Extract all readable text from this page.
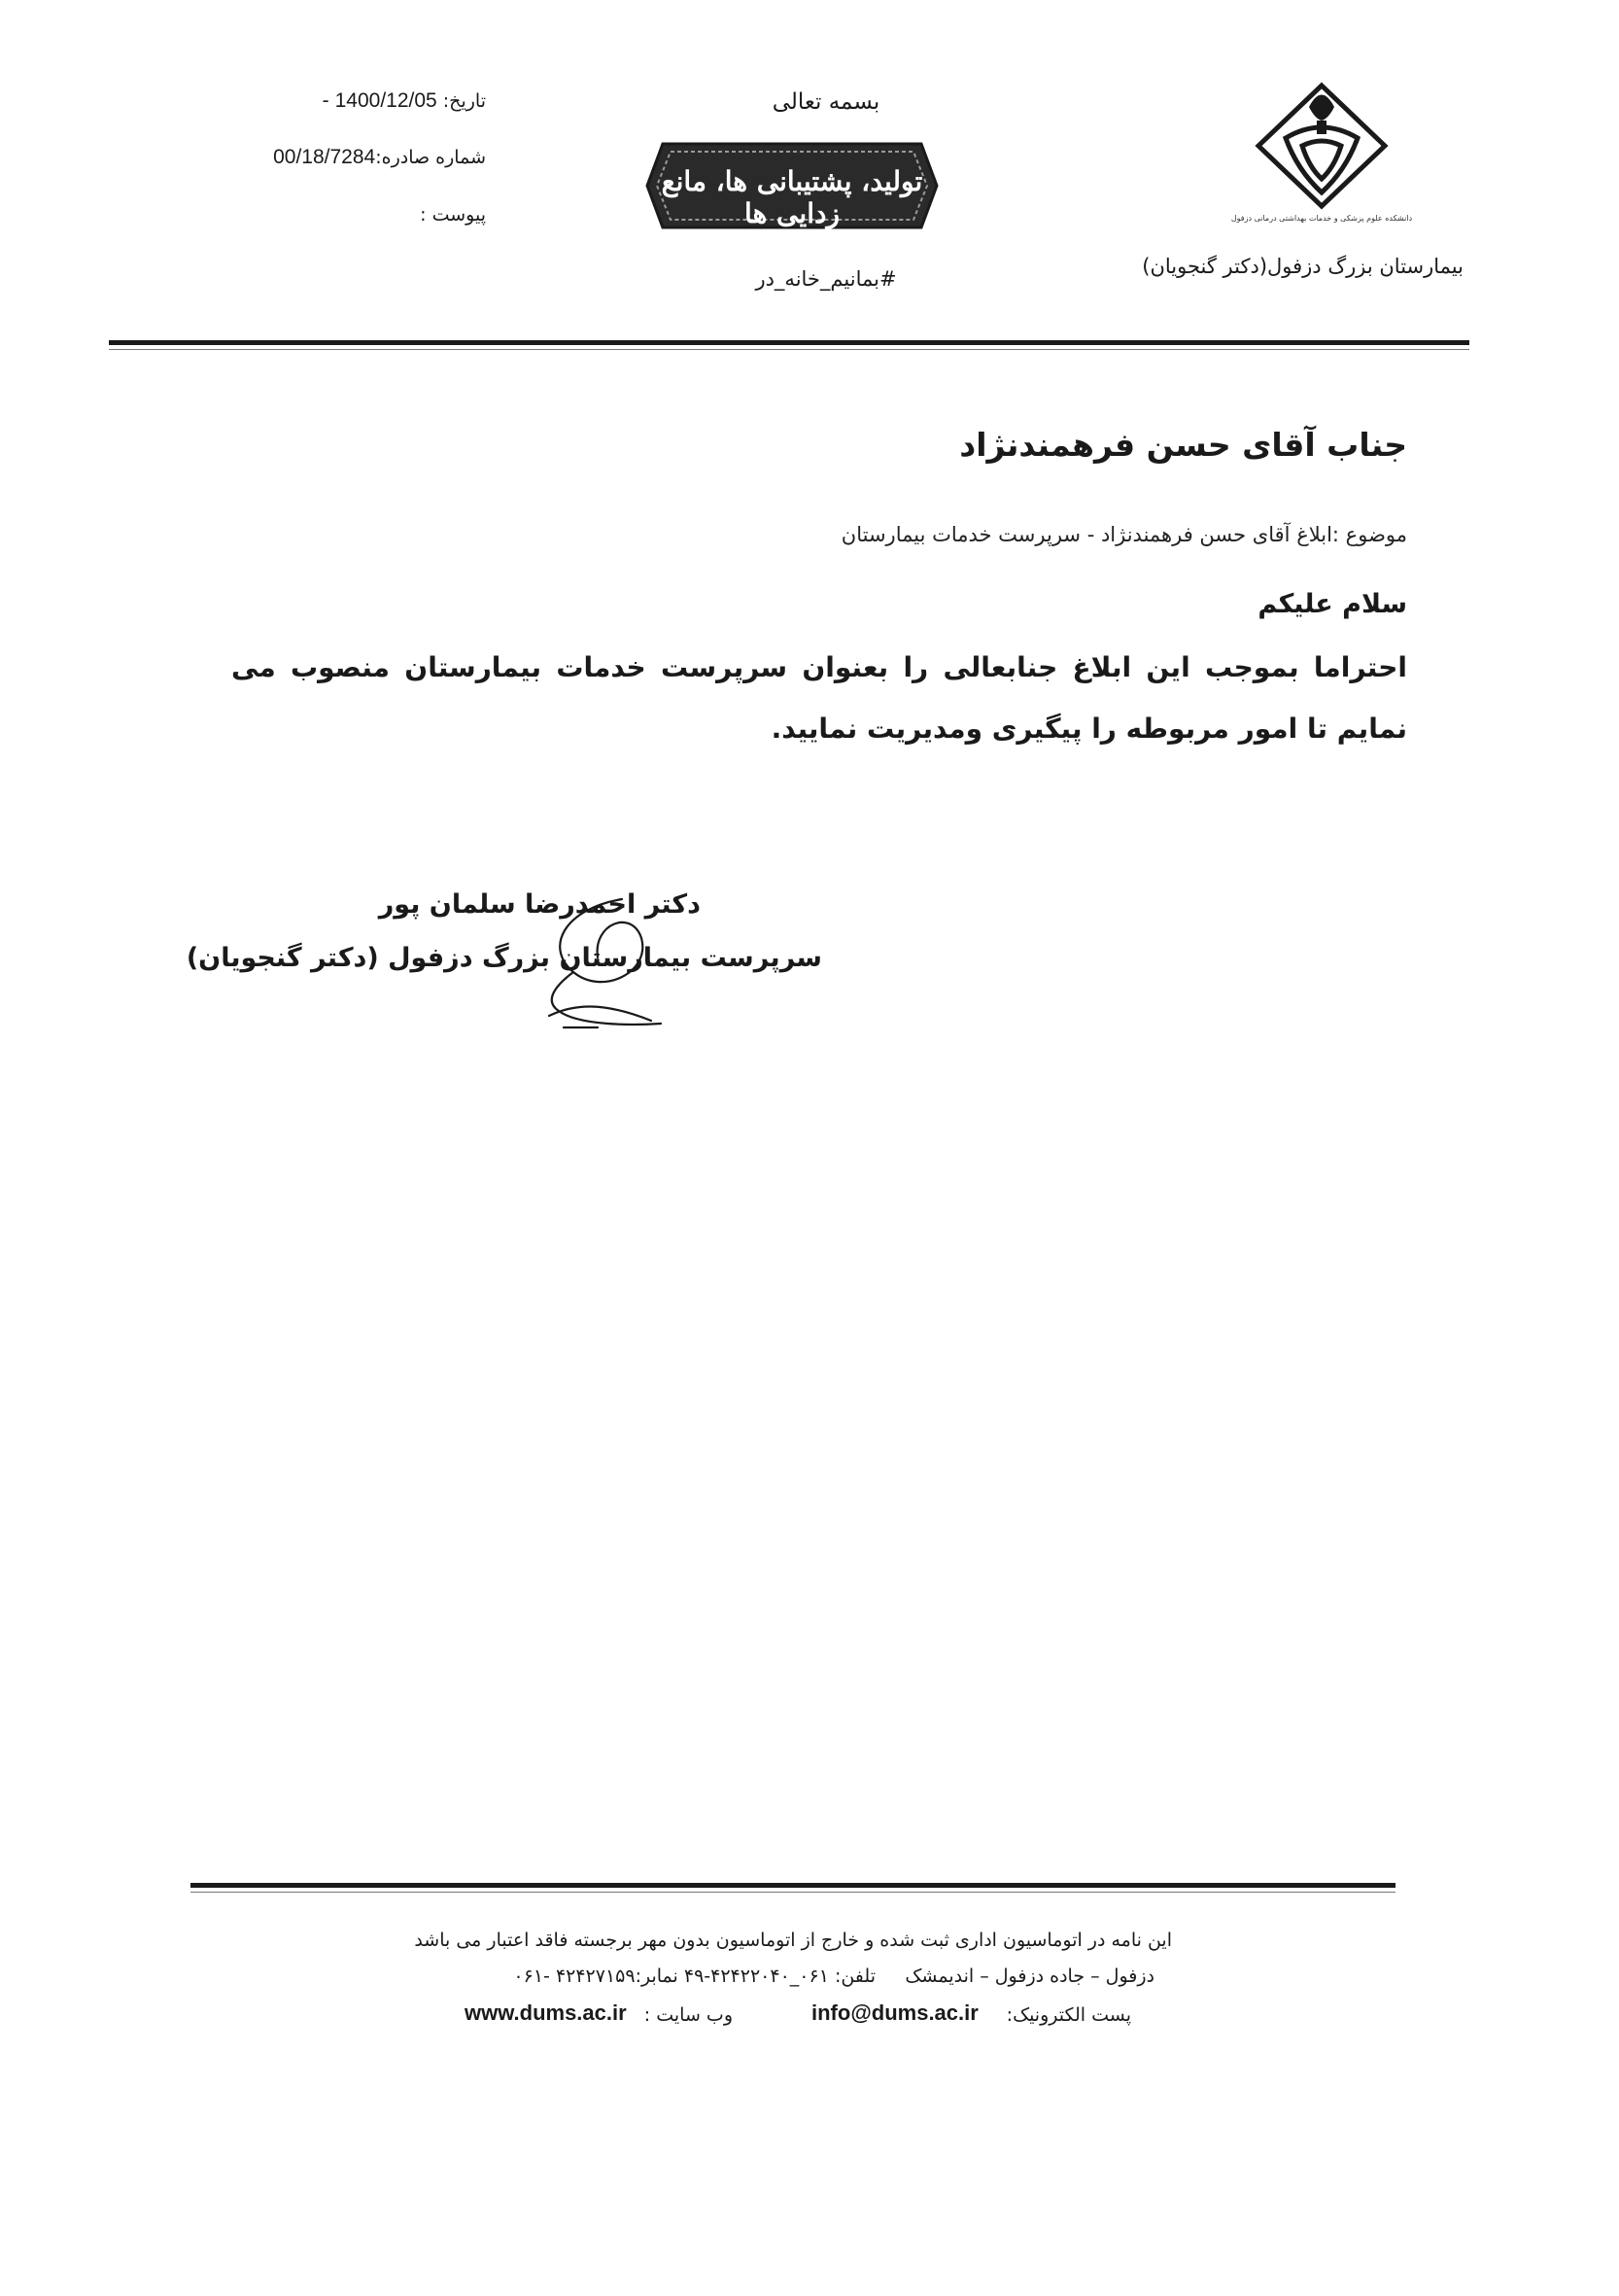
دانشکده علوم پزشکی و خدمات بهداشتی درمانی دزفول
بیمارستان بزرگ دزفول(دکتر گنجویان)
بسمه تعالی
تولید، پشتیبانی ها، مانع زدایی ها
#بمانیم_خانه_در
تاریخ: 1400/12/05 -
شماره صادره:00/18/7284
پیوست :
جناب آقای حسن فرهمندنژاد
موضوع :ابلاغ آقای حسن فرهمندنژاد - سرپرست خدمات بیمارستان
سلام علیکم
احتراما بموجب این ابلاغ جنابعالی را بعنوان سرپرست خدمات بیمارستان منصوب می نمایم تا امور مربوطه را پیگیری ومدیریت نمایید.
دکتر احمدرضا سلمان پور
سرپرست بیمارستان بزرگ دزفول (دکتر گنجویان)
این نامه در اتوماسیون اداری ثبت شده و خارج از اتوماسیون بدون مهر برجسته فاقد اعتبار می باشد
دزفول – جاده دزفول – اندیمشک
تلفن: ۰۶۱_۴۲۴۲۲۰۴۰-۴۹ نمابر:۴۲۴۲۷۱۵۹ -۰۶۱
پست الکترونیک:
info@dums.ac.ir
وب سایت :
www.dums.ac.ir
